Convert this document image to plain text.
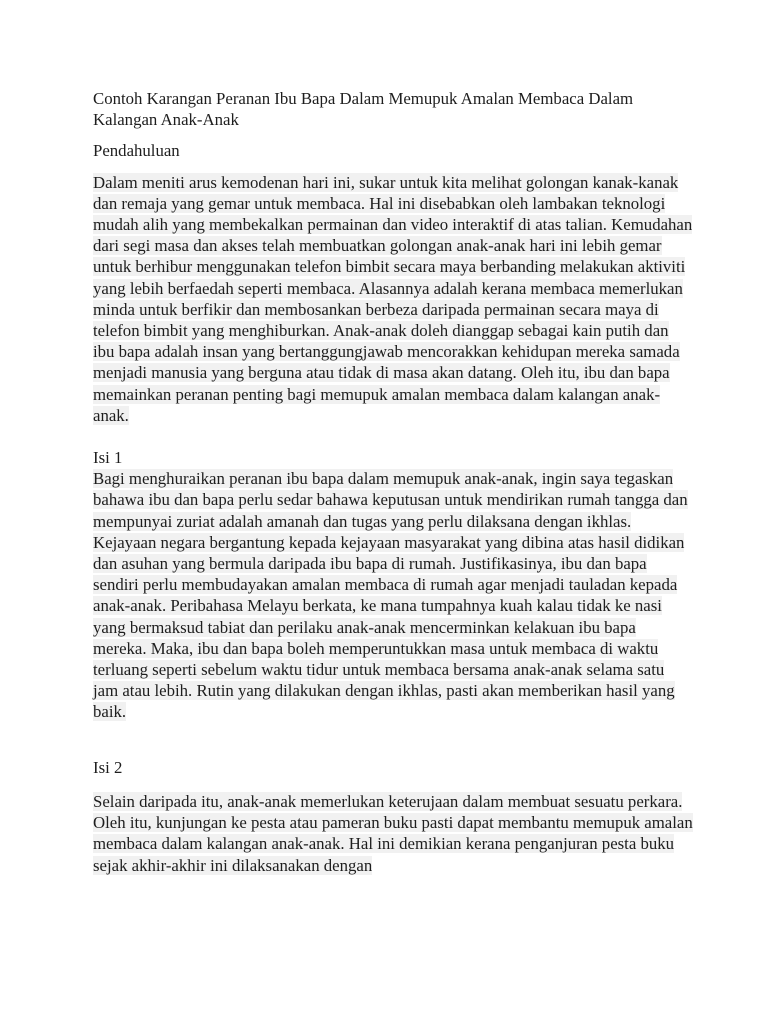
Contoh Karangan Peranan Ibu Bapa Dalam Memupuk Amalan Membaca Dalam Kalangan Anak-Anak

Pendahuluan

Dalam meniti arus kemodenan hari ini, sukar untuk kita melihat golongan kanak-kanak dan remaja yang gemar untuk membaca. Hal ini disebabkan oleh lambakan teknologi mudah alih yang membekalkan permainan dan video interaktif di atas talian. Kemudahan dari segi masa dan akses telah membuatkan golongan anak-anak hari ini lebih gemar untuk berhibur menggunakan telefon bimbit secara maya berbanding melakukan aktiviti yang lebih berfaedah seperti membaca. Alasannya adalah kerana membaca memerlukan minda untuk berfikir dan membosankan berbeza daripada permainan secara maya di telefon bimbit yang menghiburkan. Anak-anak doleh dianggap sebagai kain putih dan ibu bapa adalah insan yang bertanggungjawab mencorakkan kehidupan mereka samada menjadi manusia yang berguna atau tidak di masa akan datang. Oleh itu, ibu dan bapa memainkan peranan penting bagi memupuk amalan membaca dalam kalangan anak-anak.

Isi 1

Bagi menghuraikan peranan ibu bapa dalam memupuk anak-anak, ingin saya tegaskan bahawa ibu dan bapa perlu sedar bahawa keputusan untuk mendirikan rumah tangga dan mempunyai zuriat adalah amanah dan tugas yang perlu dilaksana dengan ikhlas. Kejayaan negara bergantung kepada kejayaan masyarakat yang dibina atas hasil didikan dan asuhan yang bermula daripada ibu bapa di rumah. Justifikasinya, ibu dan bapa sendiri perlu membudayakan amalan membaca di rumah agar menjadi tauladan kepada anak-anak. Peribahasa Melayu berkata, ke mana tumpahnya kuah kalau tidak ke nasi yang bermaksud tabiat dan perilaku anak-anak mencerminkan kelakuan ibu bapa mereka. Maka, ibu dan bapa boleh memperuntukkan masa untuk membaca di waktu terluang seperti sebelum waktu tidur untuk membaca bersama anak-anak selama satu jam atau lebih. Rutin yang dilakukan dengan ikhlas, pasti akan memberikan hasil yang baik.

Isi 2

Selain daripada itu, anak-anak memerlukan keterujaan dalam membuat sesuatu perkara. Oleh itu, kunjungan ke pesta atau pameran buku pasti dapat membantu memupuk amalan membaca dalam kalangan anak-anak. Hal ini demikian kerana penganjuran pesta buku sejak akhir-akhir ini dilaksanakan dengan
